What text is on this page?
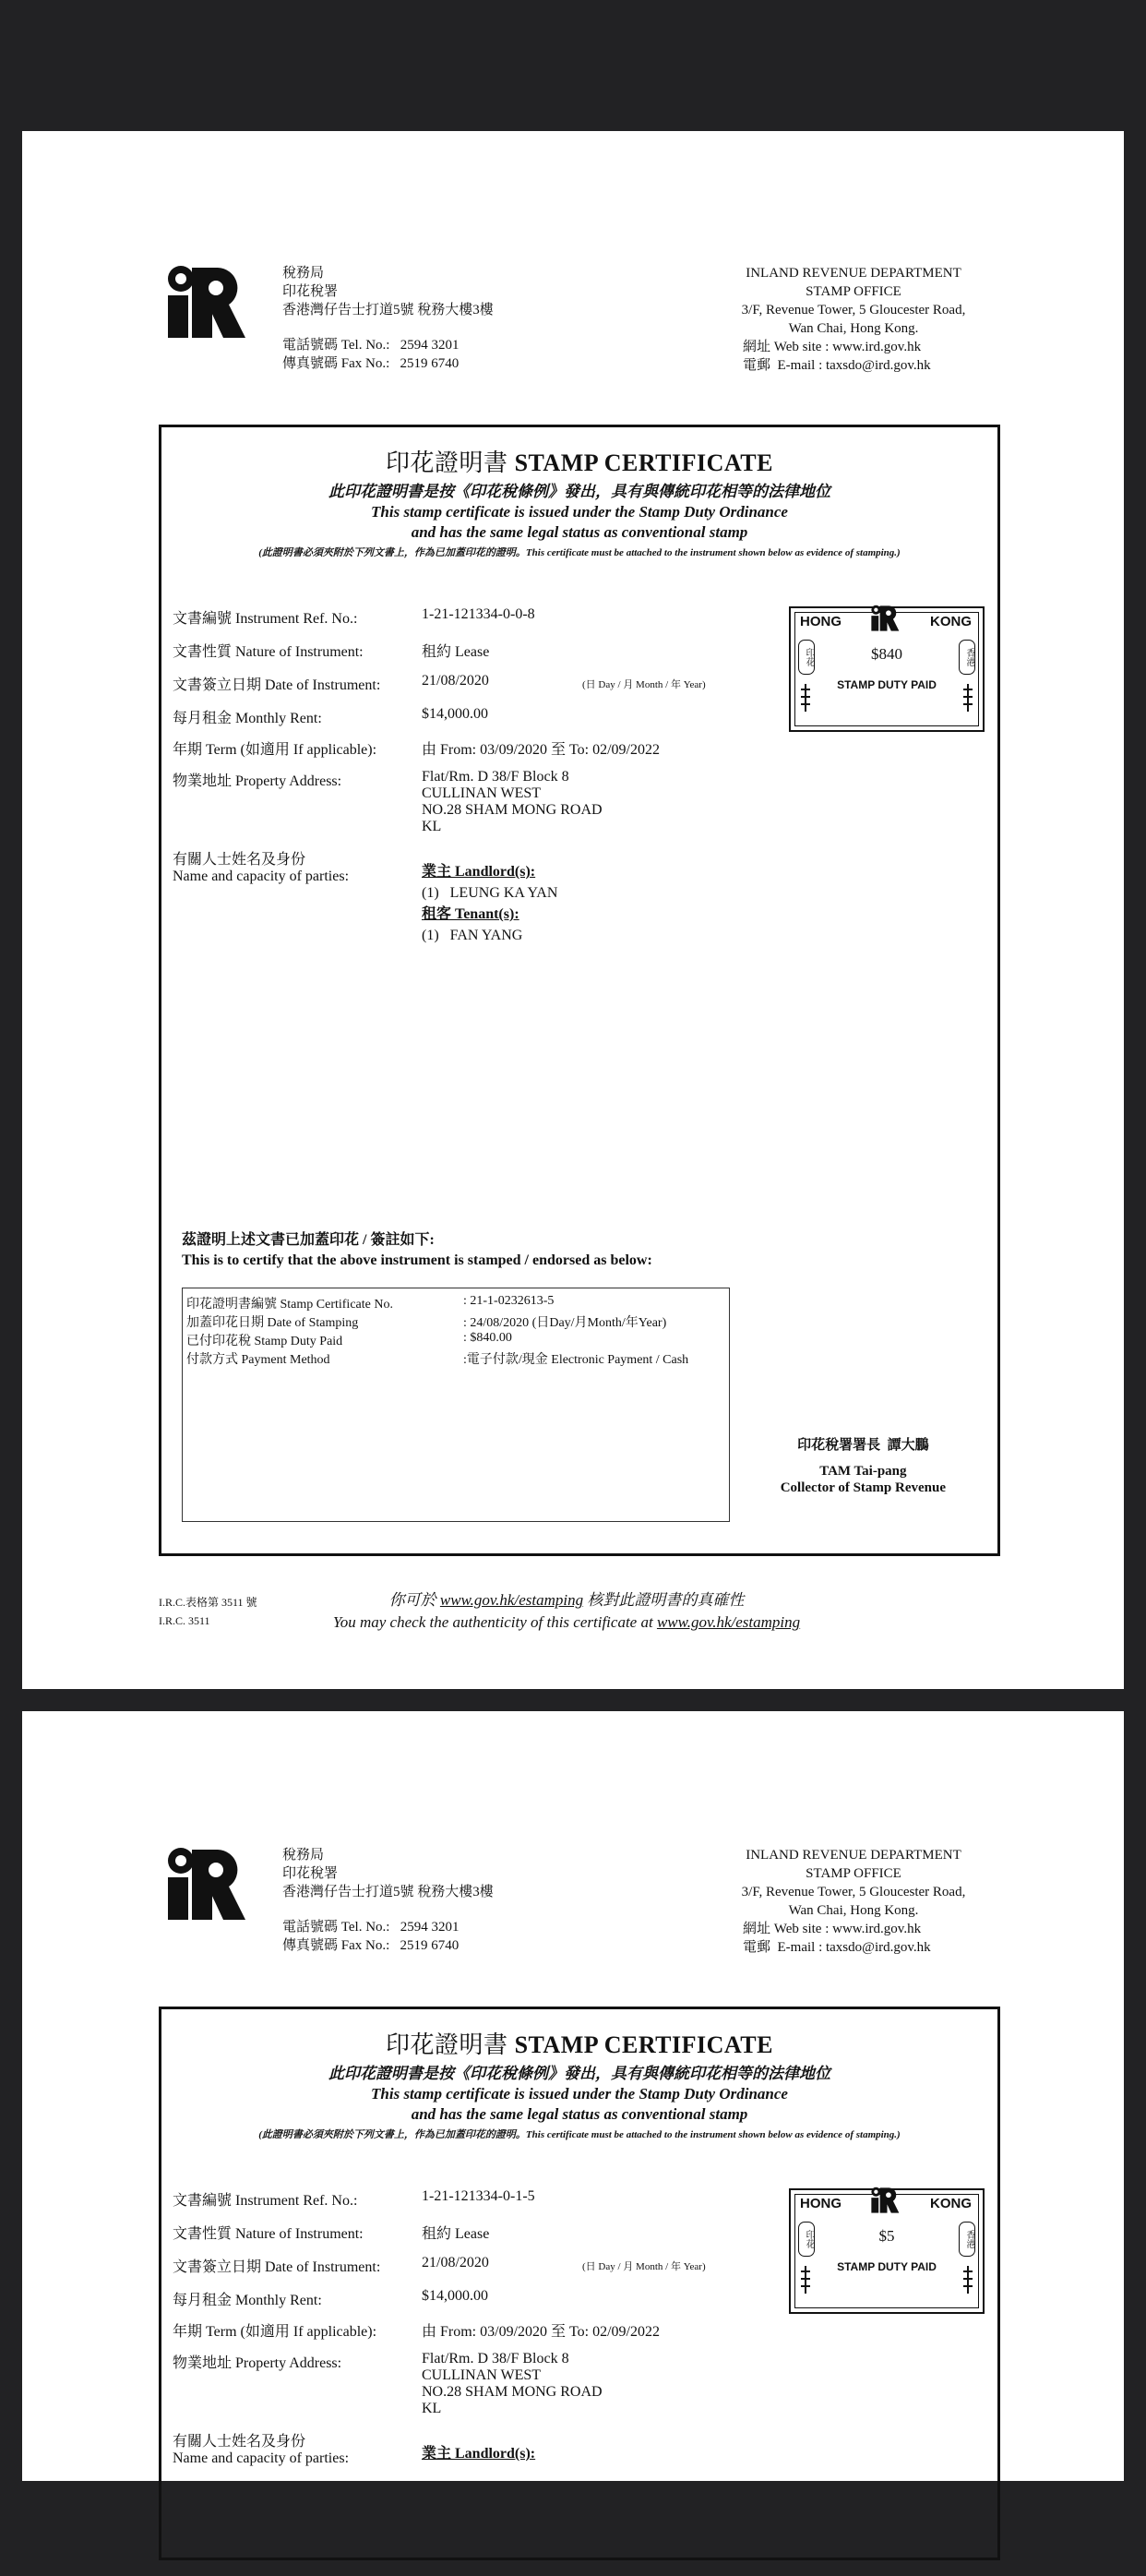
稅務局
印花稅署
香港灣仔告士打道5號 稅務大樓3樓
電話號碼 Tel. No.:   2594 3201
傳真號碼 Fax No.:   2519 6740
INLAND REVENUE DEPARTMENT
STAMP OFFICE
3/F, Revenue Tower, 5 Gloucester Road,
Wan Chai, Hong Kong.
網址 Web site : www.ird.gov.hk
電郵  E-mail : taxsdo@ird.gov.hk
印花證明書 STAMP CERTIFICATE
此印花證明書是按《印花稅條例》發出，具有與傳統印花相等的法律地位
This stamp certificate is issued under the Stamp Duty Ordinance
and has the same legal status as conventional stamp
(此證明書必須夾附於下列文書上，作為已加蓋印花的證明。This certificate must be attached to the instrument shown below as evidence of stamping.)
文書編號 Instrument Ref. No.:	1-21-121334-0-0-8
文書性質 Nature of Instrument:	租約 Lease
文書簽立日期 Date of Instrument:	21/08/2020	(日 Day / 月 Month / 年 Year)
每月租金 Monthly Rent:	$14,000.00
年期 Term (如適用 If applicable):	由 From: 03/09/2020 至 To: 02/09/2022
物業地址 Property Address:	Flat/Rm. D 38/F Block 8
CULLINAN WEST
NO.28 SHAM MONG ROAD
KL
有關人士姓名及身份
Name and capacity of parties:	業主 Landlord(s):
(1)   LEUNG KA YAN
租客 Tenant(s):
(1)   FAN YANG
HONG	KONG
印花	香港
$840
STAMP DUTY PAID
茲證明上述文書已加蓋印花 / 簽註如下:
This is to certify that the above instrument is stamped / endorsed as below:
印花證明書編號 Stamp Certificate No.	: 21-1-0232613-5
加蓋印花日期 Date of Stamping	: 24/08/2020 (日Day/月Month/年Year)
已付印花稅 Stamp Duty Paid	: $840.00
付款方式 Payment Method	:電子付款/現金 Electronic Payment / Cash
印花稅署署長  譚大鵬
TAM Tai-pang
Collector of Stamp Revenue
I.R.C.表格第 3511 號
I.R.C. 3511
你可於 www.gov.hk/estamping 核對此證明書的真確性
You may check the authenticity of this certificate at www.gov.hk/estamping
稅務局
印花稅署
香港灣仔告士打道5號 稅務大樓3樓
電話號碼 Tel. No.:   2594 3201
傳真號碼 Fax No.:   2519 6740
INLAND REVENUE DEPARTMENT
STAMP OFFICE
3/F, Revenue Tower, 5 Gloucester Road,
Wan Chai, Hong Kong.
網址 Web site : www.ird.gov.hk
電郵  E-mail : taxsdo@ird.gov.hk
印花證明書 STAMP CERTIFICATE
此印花證明書是按《印花稅條例》發出，具有與傳統印花相等的法律地位
This stamp certificate is issued under the Stamp Duty Ordinance
and has the same legal status as conventional stamp
(此證明書必須夾附於下列文書上，作為已加蓋印花的證明。This certificate must be attached to the instrument shown below as evidence of stamping.)
文書編號 Instrument Ref. No.:	1-21-121334-0-1-5
文書性質 Nature of Instrument:	租約 Lease
文書簽立日期 Date of Instrument:	21/08/2020	(日 Day / 月 Month / 年 Year)
每月租金 Monthly Rent:	$14,000.00
年期 Term (如適用 If applicable):	由 From: 03/09/2020 至 To: 02/09/2022
物業地址 Property Address:	Flat/Rm. D 38/F Block 8
CULLINAN WEST
NO.28 SHAM MONG ROAD
KL
有關人士姓名及身份
Name and capacity of parties:	業主 Landlord(s):
HONG	KONG
印花	香港
$5
STAMP DUTY PAID
